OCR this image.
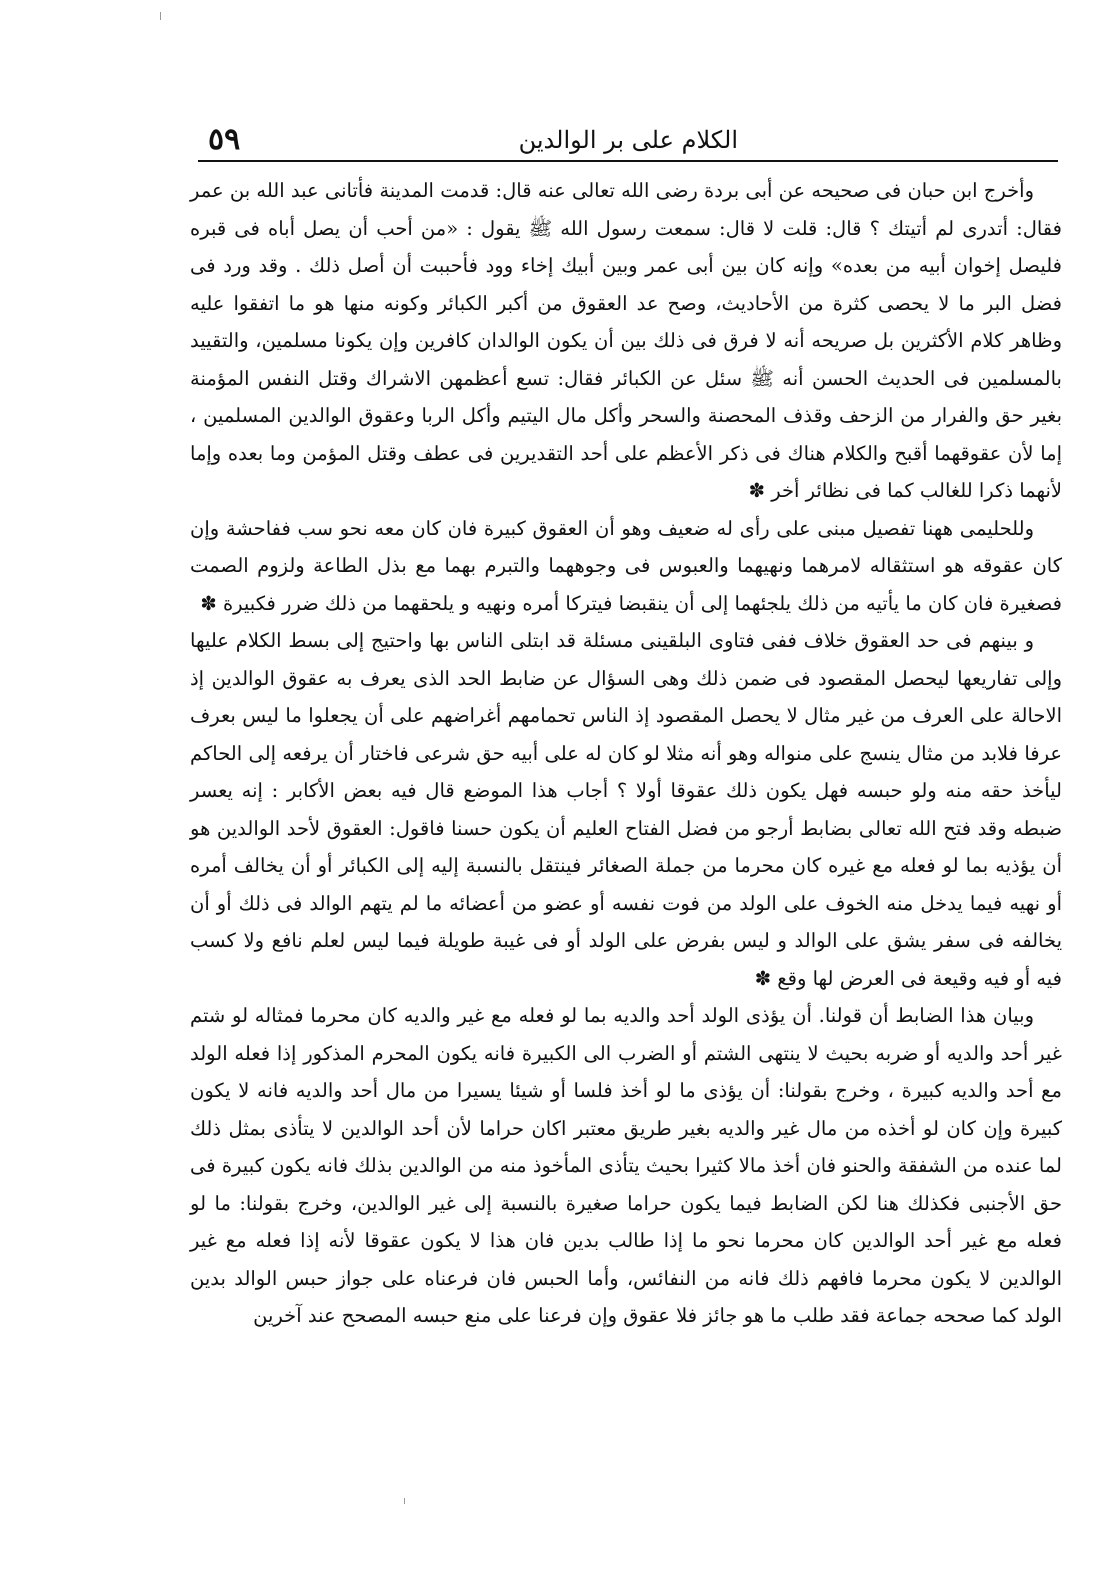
٥٩	الكلام على بر الوالدين

وأخرج ابن حبان فى صحيحه عن أبى بردة رضى الله تعالى عنه قال: قدمت المدينة فأتانى عبد الله بن عمر فقال: أتدرى لم أتيتك ؟ قال: قلت لا قال: سمعت رسول الله ﷺ يقول : «من أحب أن يصل أباه فى قبره فليصل إخوان أبيه من بعده» وإنه كان بين أبى عمر وبين أبيك إخاء وود فأحببت أن أصل ذلك . وقد ورد فى فضل البر ما لا يحصى كثرة من الأحاديث، وصح عد العقوق من أكبر الكبائر وكونه منها هو ما اتفقوا عليه وظاهر كلام الأكثرين بل صريحه أنه لا فرق فى ذلك بين أن يكون الوالدان كافرين وإن يكونا مسلمين، والتقييد بالمسلمين فى الحديث الحسن أنه ﷺ سئل عن الكبائر فقال: تسع أعظمهن الاشراك وقتل النفس المؤمنة بغير حق والفرار من الزحف وقذف المحصنة والسحر وأكل مال اليتيم وأكل الربا وعقوق الوالدين المسلمين ، إما لأن عقوقهما أقبح والكلام هناك فى ذكر الأعظم على أحد التقديرين فى عطف وقتل المؤمن وما بعده وإما لأنهما ذكرا للغالب كما فى نظائر أخر ✽

وللحليمى ههنا تفصيل مبنى على رأى له ضعيف وهو أن العقوق كبيرة فان كان معه نحو سب ففاحشة وإن كان عقوقه هو استثقاله لامرهما ونهيهما والعبوس فى وجوههما والتبرم بهما مع بذل الطاعة ولزوم الصمت فصغيرة فان كان ما يأتيه من ذلك يلجئهما إلى أن ينقبضا فيتركا أمره ونهيه و يلحقهما من ذلك ضرر فكبيرة ✽

و بينهم فى حد العقوق خلاف ففى فتاوى البلقينى مسئلة قد ابتلى الناس بها واحتيج إلى بسط الكلام عليها وإلى تفاريعها ليحصل المقصود فى ضمن ذلك وهى السؤال عن ضابط الحد الذى يعرف به عقوق الوالدين إذ الاحالة على العرف من غير مثال لا يحصل المقصود إذ الناس تحمامهم أغراضهم على أن يجعلوا ما ليس بعرف عرفا فلابد من مثال ينسج على منواله وهو أنه مثلا لو كان له على أبيه حق شرعى فاختار أن يرفعه إلى الحاكم ليأخذ حقه منه ولو حبسه فهل يكون ذلك عقوقا أولا ؟ أجاب هذا الموضع قال فيه بعض الأكابر : إنه يعسر ضبطه وقد فتح الله تعالى بضابط أرجو من فضل الفتاح العليم أن يكون حسنا فاقول: العقوق لأحد الوالدين هو أن يؤذيه بما لو فعله مع غيره كان محرما من جملة الصغائر فينتقل بالنسبة إليه إلى الكبائر أو أن يخالف أمره أو نهيه فيما يدخل منه الخوف على الولد من فوت نفسه أو عضو من أعضائه ما لم يتهم الوالد فى ذلك أو أن يخالفه فى سفر يشق على الوالد و ليس بفرض على الولد أو فى غيبة طويلة فيما ليس لعلم نافع ولا كسب فيه أو فيه وقيعة فى العرض لها وقع ✽

وبيان هذا الضابط أن قولنا. أن يؤذى الولد أحد والديه بما لو فعله مع غير والديه كان محرما فمثاله لو شتم غير أحد والديه أو ضربه بحيث لا ينتهى الشتم أو الضرب الى الكبيرة فانه يكون المحرم المذكور إذا فعله الولد مع أحد والديه كبيرة ، وخرج بقولنا: أن يؤذى ما لو أخذ فلسا أو شيئا يسيرا من مال أحد والديه فانه لا يكون كبيرة وإن كان لو أخذه من مال غير والديه بغير طريق معتبر اكان حراما لأن أحد الوالدين لا يتأذى بمثل ذلك لما عنده من الشفقة والحنو فان أخذ مالا كثيرا بحيث يتأذى المأخوذ منه من الوالدين بذلك فانه يكون كبيرة فى حق الأجنبى فكذلك هنا لكن الضابط فيما يكون حراما صغيرة بالنسبة إلى غير الوالدين، وخرج بقولنا: ما لو فعله مع غير أحد الوالدين كان محرما نحو ما إذا طالب بدين فان هذا لا يكون عقوقا لأنه إذا فعله مع غير الوالدين لا يكون محرما فافهم ذلك فانه من النفائس، وأما الحبس فان فرعناه على جواز حبس الوالد بدين الولد كما صححه جماعة فقد طلب ما هو جائز فلا عقوق وإن فرعنا على منع حبسه المصحح عند آخرين
